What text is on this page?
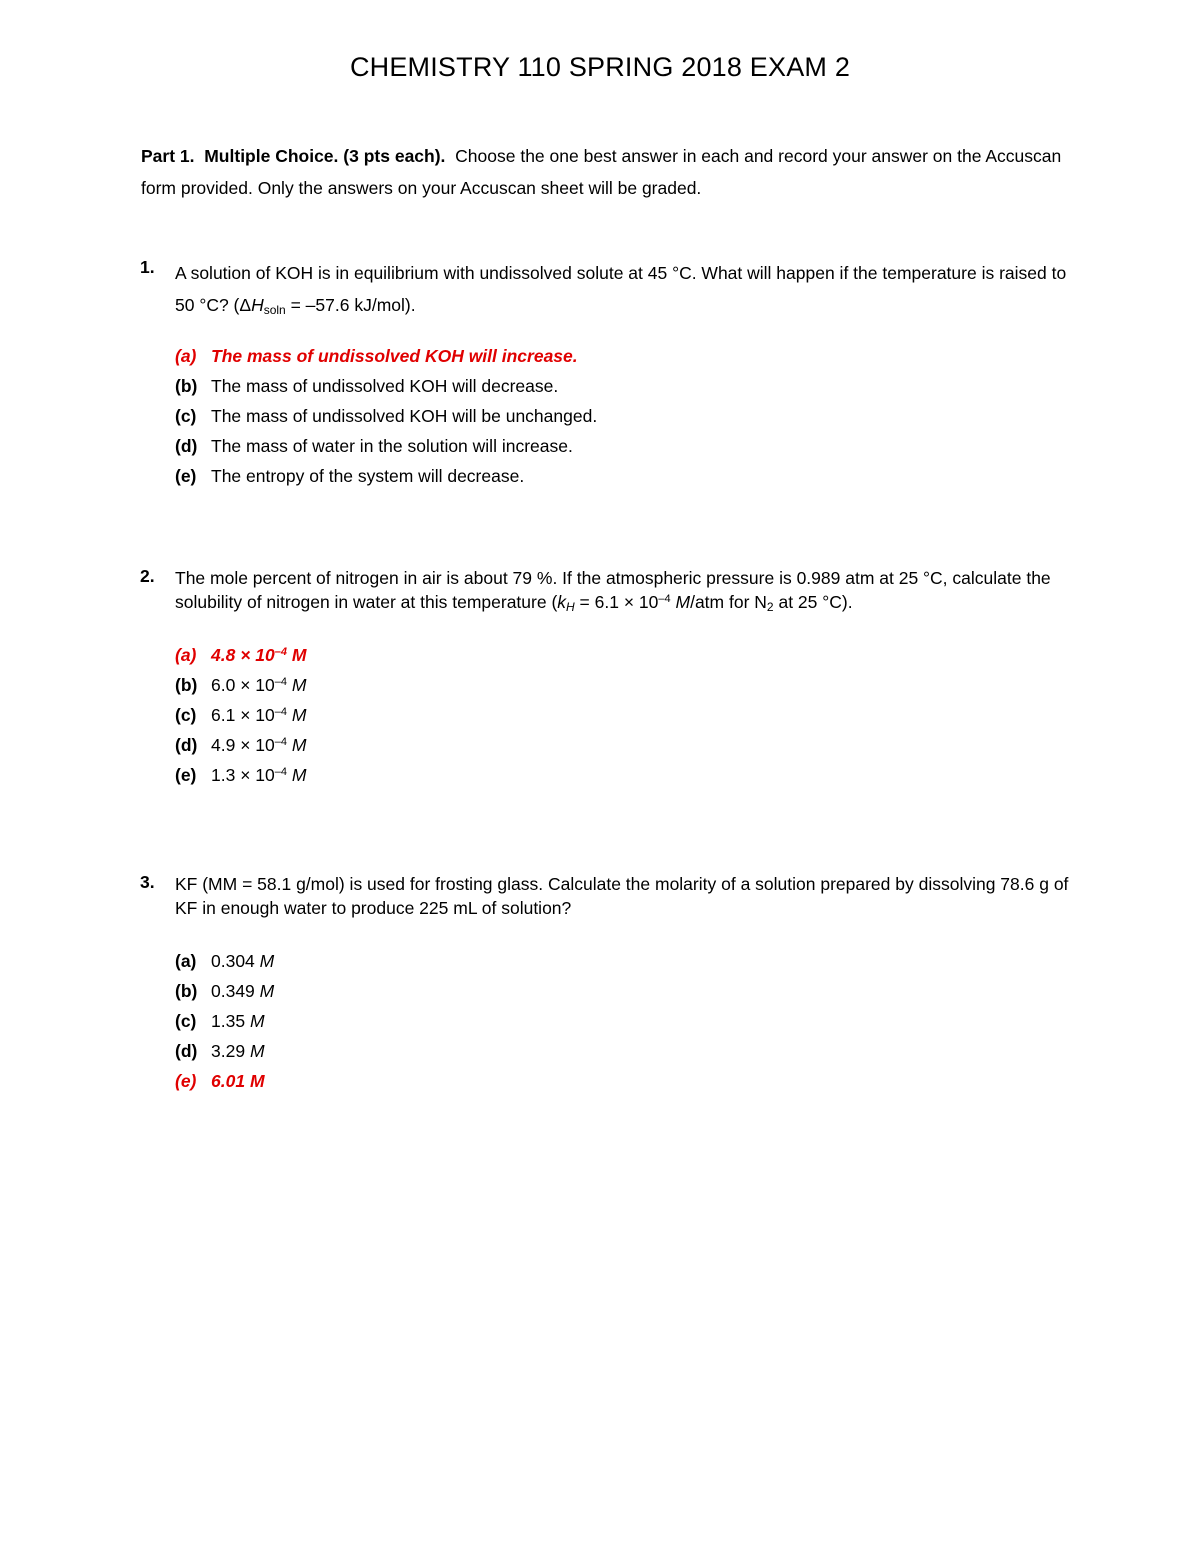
CHEMISTRY 110 SPRING 2018 EXAM 2
Part 1. Multiple Choice. (3 pts each). Choose the one best answer in each and record your answer on the Accuscan form provided. Only the answers on your Accuscan sheet will be graded.
1. A solution of KOH is in equilibrium with undissolved solute at 45 °C. What will happen if the temperature is raised to 50 °C? ($\Delta H_{soln} = -57.6$ kJ/mol).
(a) The mass of undissolved KOH will increase.
(b) The mass of undissolved KOH will decrease.
(c) The mass of undissolved KOH will be unchanged.
(d) The mass of water in the solution will increase.
(e) The entropy of the system will decrease.
2. The mole percent of nitrogen in air is about 79 %. If the atmospheric pressure is 0.989 atm at 25 °C, calculate the solubility of nitrogen in water at this temperature ($k_H = 6.1 \times 10^{-4}$ M/atm for $N_2$ at 25 °C).
(a) $4.8 \times 10^{-4}$ M
(b) $6.0 \times 10^{-4}$ M
(c) $6.1 \times 10^{-4}$ M
(d) $4.9 \times 10^{-4}$ M
(e) $1.3 \times 10^{-4}$ M
3. KF (MM = 58.1 g/mol) is used for frosting glass. Calculate the molarity of a solution prepared by dissolving 78.6 g of KF in enough water to produce 225 mL of solution?
(a) 0.304 M
(b) 0.349 M
(c) 1.35 M
(d) 3.29 M
(e) 6.01 M
